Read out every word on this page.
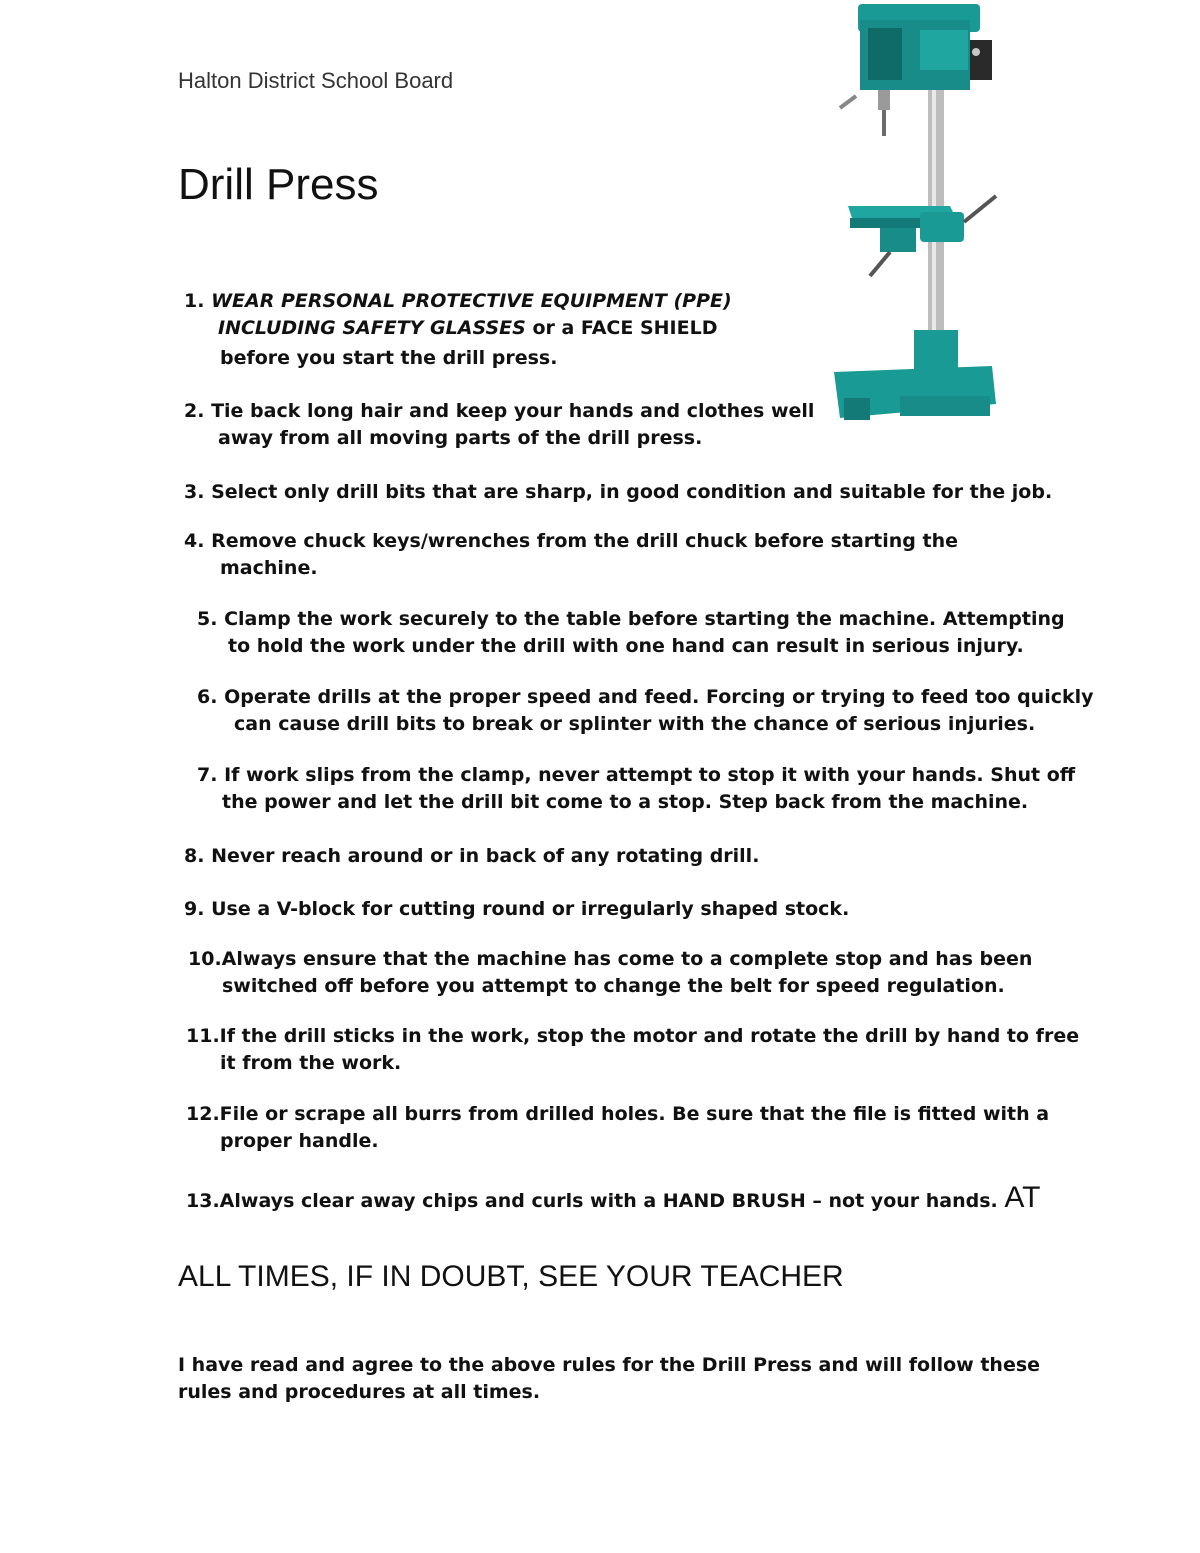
Halton District School Board
Drill Press
1. WEAR PERSONAL PROTECTIVE EQUIPMENT (PPE)
INCLUDING SAFETY GLASSES or a FACE SHIELD
before you start the drill press.
2. Tie back long hair and keep your hands and clothes well
away from all moving parts of the drill press.
3. Select only drill bits that are sharp, in good condition and suitable for the job.
4. Remove chuck keys/wrenches from the drill chuck before starting the
machine.
5. Clamp the work securely to the table before starting the machine. Attempting
to hold the work under the drill with one hand can result in serious injury.
6. Operate drills at the proper speed and feed. Forcing or trying to feed too quickly
can cause drill bits to break or splinter with the chance of serious injuries.
7. If work slips from the clamp, never attempt to stop it with your hands. Shut off
the power and let the drill bit come to a stop. Step back from the machine.
8. Never reach around or in back of any rotating drill.
9. Use a V-block for cutting round or irregularly shaped stock.
10.Always ensure that the machine has come to a complete stop and has been
switched off before you attempt to change the belt for speed regulation.
11.If the drill sticks in the work, stop the motor and rotate the drill by hand to free
it from the work.
12.File or scrape all burrs from drilled holes. Be sure that the file is fitted with a
proper handle.
13.Always clear away chips and curls with a HAND BRUSH – not your hands. AT
ALL TIMES, IF IN DOUBT, SEE YOUR TEACHER
I have read and agree to the above rules for the Drill Press and will follow these rules and procedures at all times.
